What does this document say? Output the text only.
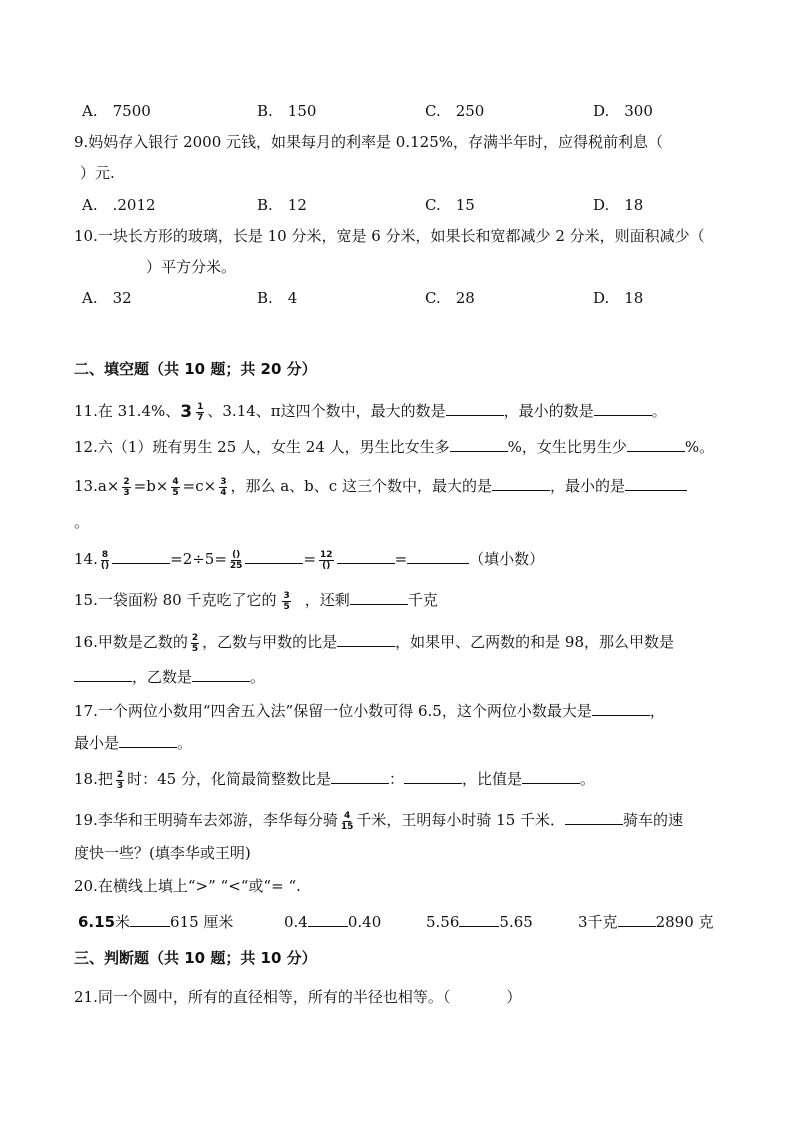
A.　7500	B.　150	C.　250	D.　300
9.妈妈存入银行 2000 元钱，如果每月的利率是 0.125%，存满半年时，应得税前利息（
）元.
A.　.2012	B.　12	C.　15	D.　18
10.一块长方形的玻璃，长是 10 分米，宽是 6 分米，如果长和宽都减少 2 分米，则面积减少（
）平方分米。
A.　32	B.　4	C.　28	D.　18
二、填空题（共 10 题；共 20 分）
11.在 31.4%、 $3 \frac{1}{7}$ 、3.14、π这四个数中，最大的数是	，最小的数是	。
12.六（1）班有男生 25 人，女生 24 人，男生比女生多	%，女生比男生少	%。
$13.a\times \frac{2}{3} =b\times \frac{4}{5} =c\times \frac{3}{4}$ ，那么 a、b、c 这三个数中，最大的是	，最小的是
。
14. $\frac{8}{()}$	$=2\div 5= \frac{()}{25}$	= $\frac{12}{()}$	=	（填小数）
15.一袋面粉 80 千克吃了它的 $\frac{3}{5}$ ，还剩	千克
16.甲数是乙数的 $\frac{2}{5}$ ，乙数与甲数的比是	，如果甲、乙两数的和是 98，那么甲数是
，乙数是	。
17.一个两位小数用“四舍五入法”保留一位小数可得 6.5，这个两位小数最大是	，
最小是	。
18.把 $\frac{2}{3}$ 时：45 分，化简最简整数比是	：	，比值是	。
19.李华和王明骑车去郊游，李华每分骑 $\frac{4}{15}$ 千米，王明每小时骑 15 千米．	骑车的速
度快一些？(填李华或王明)
20.在横线上填上“>” “<“或“= “.
6.15米	615 厘米	0.4	0.40	5.56	5.65	3千克	2890 克
三、判断题（共 10 题；共 10 分）
21.同一个圆中，所有的直径相等，所有的半径也相等。（	）
